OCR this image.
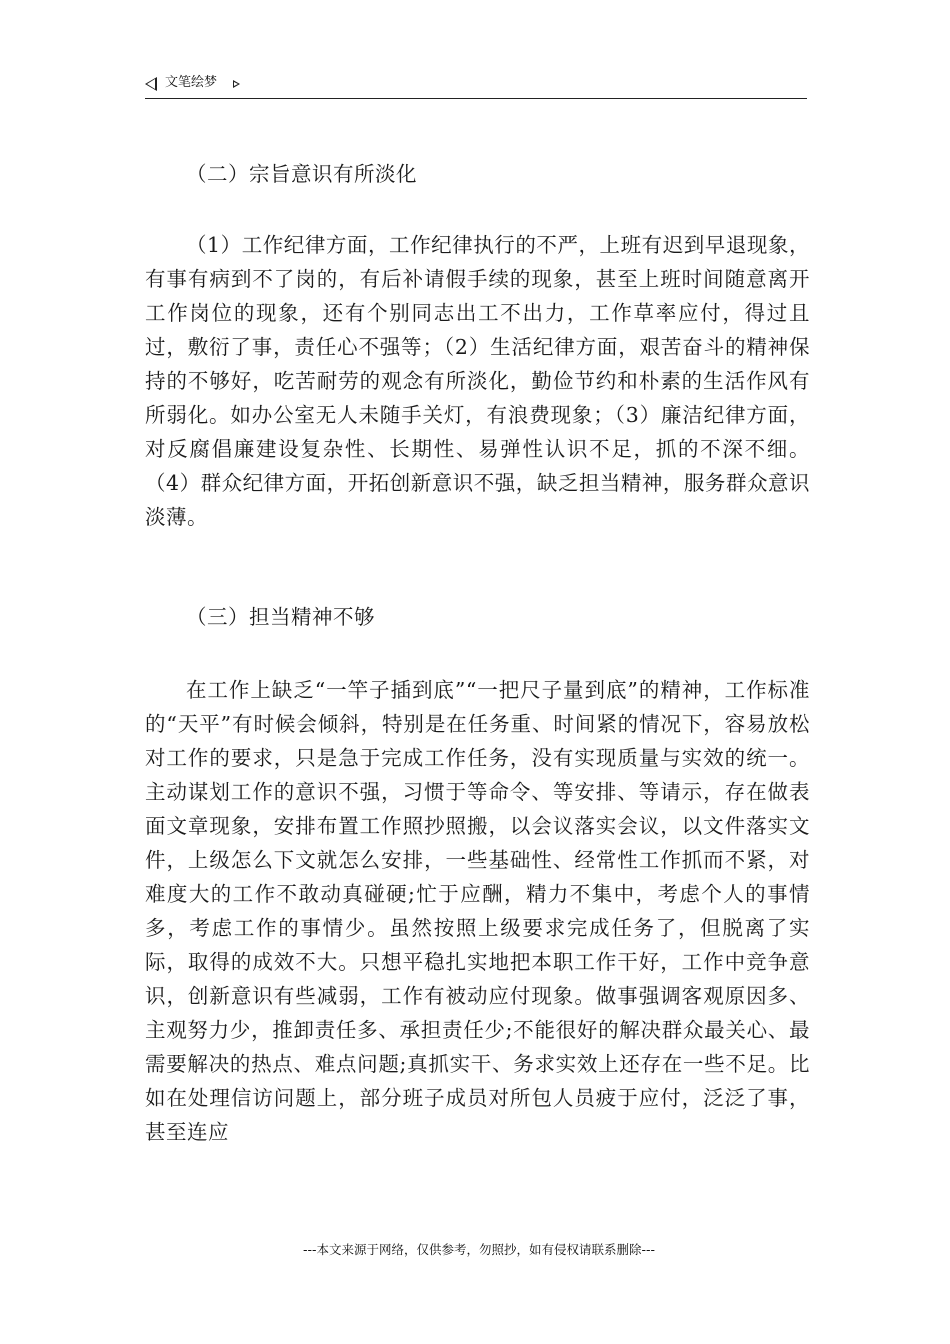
文笔绘梦

（二）宗旨意识有所淡化

（1）工作纪律方面，工作纪律执行的不严，上班有迟到早退现象，有事有病到不了岗的，有后补请假手续的现象，甚至上班时间随意离开工作岗位的现象，还有个别同志出工不出力，工作草率应付，得过且过，敷衍了事，责任心不强等；（2）生活纪律方面，艰苦奋斗的精神保持的不够好，吃苦耐劳的观念有所淡化，勤俭节约和朴素的生活作风有所弱化。如办公室无人未随手关灯，有浪费现象；（3）廉洁纪律方面，对反腐倡廉建设复杂性、长期性、易弹性认识不足，抓的不深不细。（4）群众纪律方面，开拓创新意识不强，缺乏担当精神，服务群众意识淡薄。

（三）担当精神不够

在工作上缺乏“一竿子插到底”“一把尺子量到底”的精神，工作标准的“天平”有时候会倾斜，特别是在任务重、时间紧的情况下，容易放松对工作的要求，只是急于完成工作任务，没有实现质量与实效的统一。主动谋划工作的意识不强，习惯于等命令、等安排、等请示，存在做表面文章现象，安排布置工作照抄照搬，以会议落实会议，以文件落实文件，上级怎么下文就怎么安排，一些基础性、经常性工作抓而不紧，对难度大的工作不敢动真碰硬;忙于应酬，精力不集中，考虑个人的事情多，考虑工作的事情少。虽然按照上级要求完成任务了，但脱离了实际，取得的成效不大。只想平稳扎实地把本职工作干好，工作中竞争意识，创新意识有些减弱，工作有被动应付现象。做事强调客观原因多、主观努力少，推卸责任多、承担责任少;不能很好的解决群众最关心、最需要解决的热点、难点问题;真抓实干、务求实效上还存在一些不足。比如在处理信访问题上，部分班子成员对所包人员疲于应付，泛泛了事，甚至连应

---本文来源于网络，仅供参考，勿照抄，如有侵权请联系删除---
